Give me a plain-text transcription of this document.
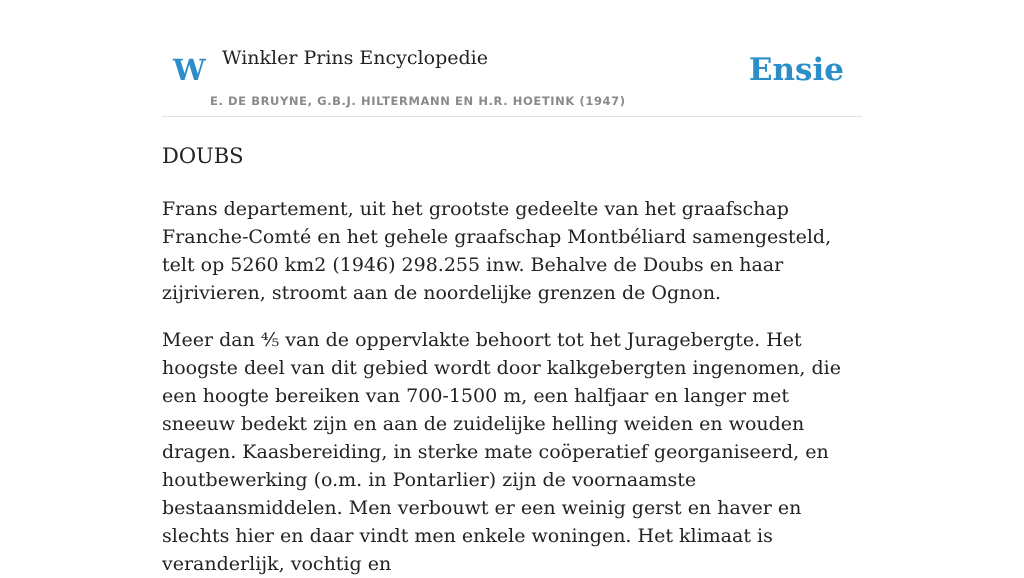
W Winkler Prins Encyclopedie
E. DE BRUYNE, G.B.J. HILTERMANN EN H.R. HOETINK (1947)
Ensie
DOUBS

Frans departement, uit het grootste gedeelte van het graafschap Franche-Comté en het gehele graafschap Montbéliard samengesteld, telt op 5260 km2 (1946) 298.255 inw. Behalve de Doubs en haar zijrivieren, stroomt aan de noordelijke grenzen de Ognon.

Meer dan ⅘ van de oppervlakte behoort tot het Juragebergte. Het hoogste deel van dit gebied wordt door kalkgebergten ingenomen, die een hoogte bereiken van 700-1500 m, een halfjaar en langer met sneeuw bedekt zijn en aan de zuidelijke helling weiden en wouden dragen. Kaasbereiding, in sterke mate coöperatief georganiseerd, en houtbewerking (o.m. in Pontarlier) zijn de voornaamste bestaansmiddelen. Men verbouwt er een weinig gerst en haver en slechts hier en daar vindt men enkele woningen. Het klimaat is veranderlijk, vochtig en
